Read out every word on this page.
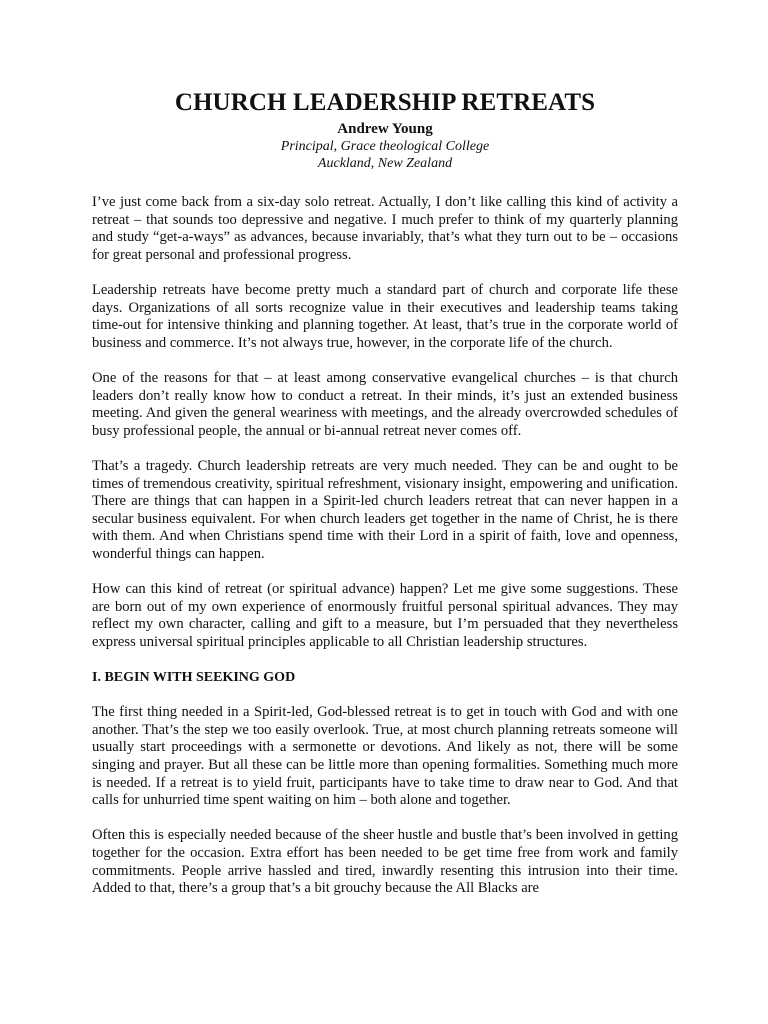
CHURCH LEADERSHIP RETREATS
Andrew Young
Principal, Grace theological College
Auckland, New Zealand

I’ve just come back from a six-day solo retreat. Actually, I don’t like calling this kind of activity a retreat – that sounds too depressive and negative. I much prefer to think of my quarterly planning and study “get-a-ways” as advances, because invariably, that’s what they turn out to be – occasions for great personal and professional progress.

Leadership retreats have become pretty much a standard part of church and corporate life these days. Organizations of all sorts recognize value in their executives and leadership teams taking time-out for intensive thinking and planning together. At least, that’s true in the corporate world of business and commerce. It’s not always true, however, in the corporate life of the church.

One of the reasons for that – at least among conservative evangelical churches – is that church leaders don’t really know how to conduct a retreat. In their minds, it’s just an extended business meeting. And given the general weariness with meetings, and the already overcrowded schedules of busy professional people, the annual or bi-annual retreat never comes off.

That’s a tragedy. Church leadership retreats are very much needed. They can be and ought to be times of tremendous creativity, spiritual refreshment, visionary insight, empowering and unification. There are things that can happen in a Spirit-led church leaders retreat that can never happen in a secular business equivalent. For when church leaders get together in the name of Christ, he is there with them. And when Christians spend time with their Lord in a spirit of faith, love and openness, wonderful things can happen.

How can this kind of retreat (or spiritual advance) happen? Let me give some suggestions. These are born out of my own experience of enormously fruitful personal spiritual advances. They may reflect my own character, calling and gift to a measure, but I’m persuaded that they nevertheless express universal spiritual principles applicable to all Christian leadership structures.

I. BEGIN WITH SEEKING GOD

The first thing needed in a Spirit-led, God-blessed retreat is to get in touch with God and with one another. That’s the step we too easily overlook. True, at most church planning retreats someone will usually start proceedings with a sermonette or devotions. And likely as not, there will be some singing and prayer. But all these can be little more than opening formalities. Something much more is needed. If a retreat is to yield fruit, participants have to take time to draw near to God. And that calls for unhurried time spent waiting on him – both alone and together.

Often this is especially needed because of the sheer hustle and bustle that’s been involved in getting together for the occasion. Extra effort has been needed to be get time free from work and family commitments. People arrive hassled and tired, inwardly resenting this intrusion into their time. Added to that, there’s a group that’s a bit grouchy because the All Blacks are
